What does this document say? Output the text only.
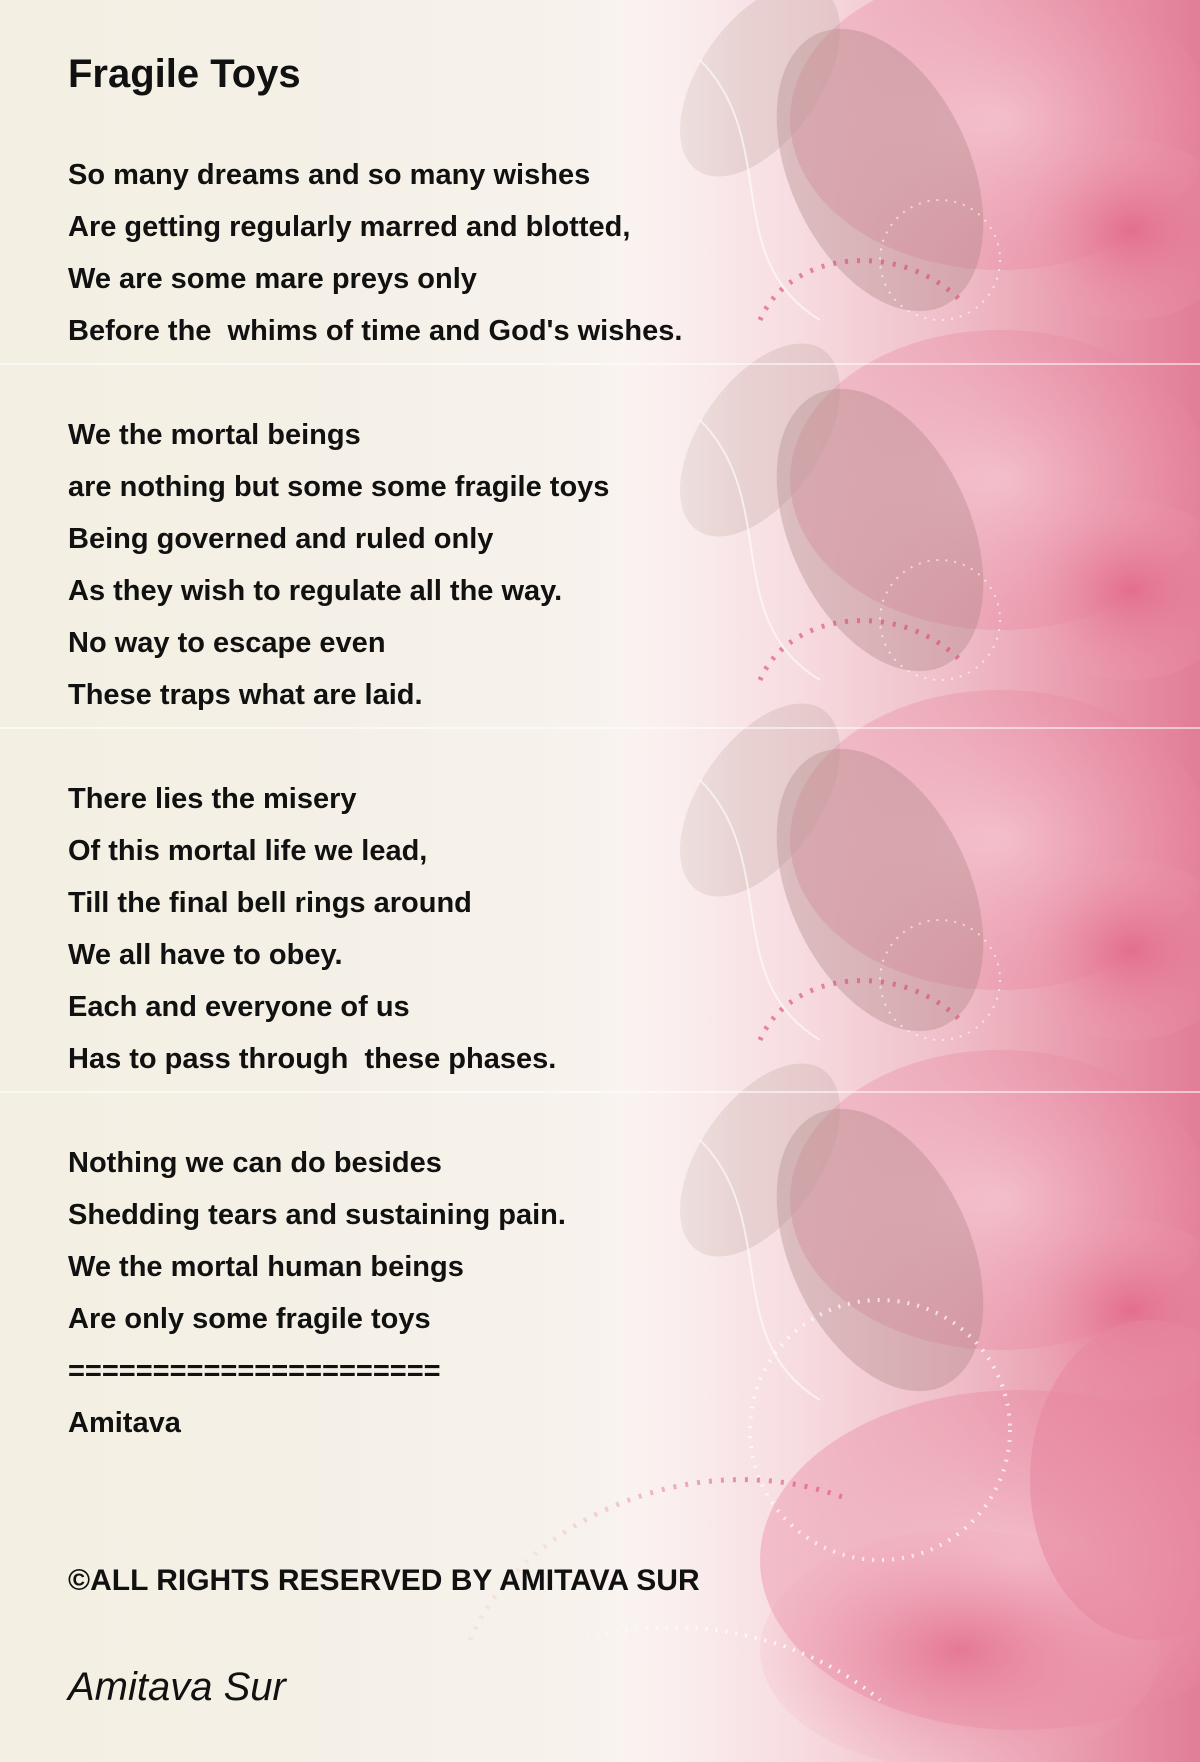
Fragile Toys
So many dreams and so many wishes
Are getting regularly marred and blotted,
We are some mare preys only
Before the  whims of time and God's wishes.
We the mortal beings
are nothing but some some fragile toys
Being governed and ruled only
As they wish to regulate all the way.
No way to escape even
These traps what are laid.
There lies the misery
Of this mortal life we lead,
Till the final bell rings around
We all have to obey.
Each and everyone of us
Has to pass through  these phases.
Nothing we can do besides
Shedding tears and sustaining pain.
We the mortal human beings
Are only some fragile toys
======================
Amitava
©ALL RIGHTS RESERVED BY AMITAVA SUR
Amitava Sur
